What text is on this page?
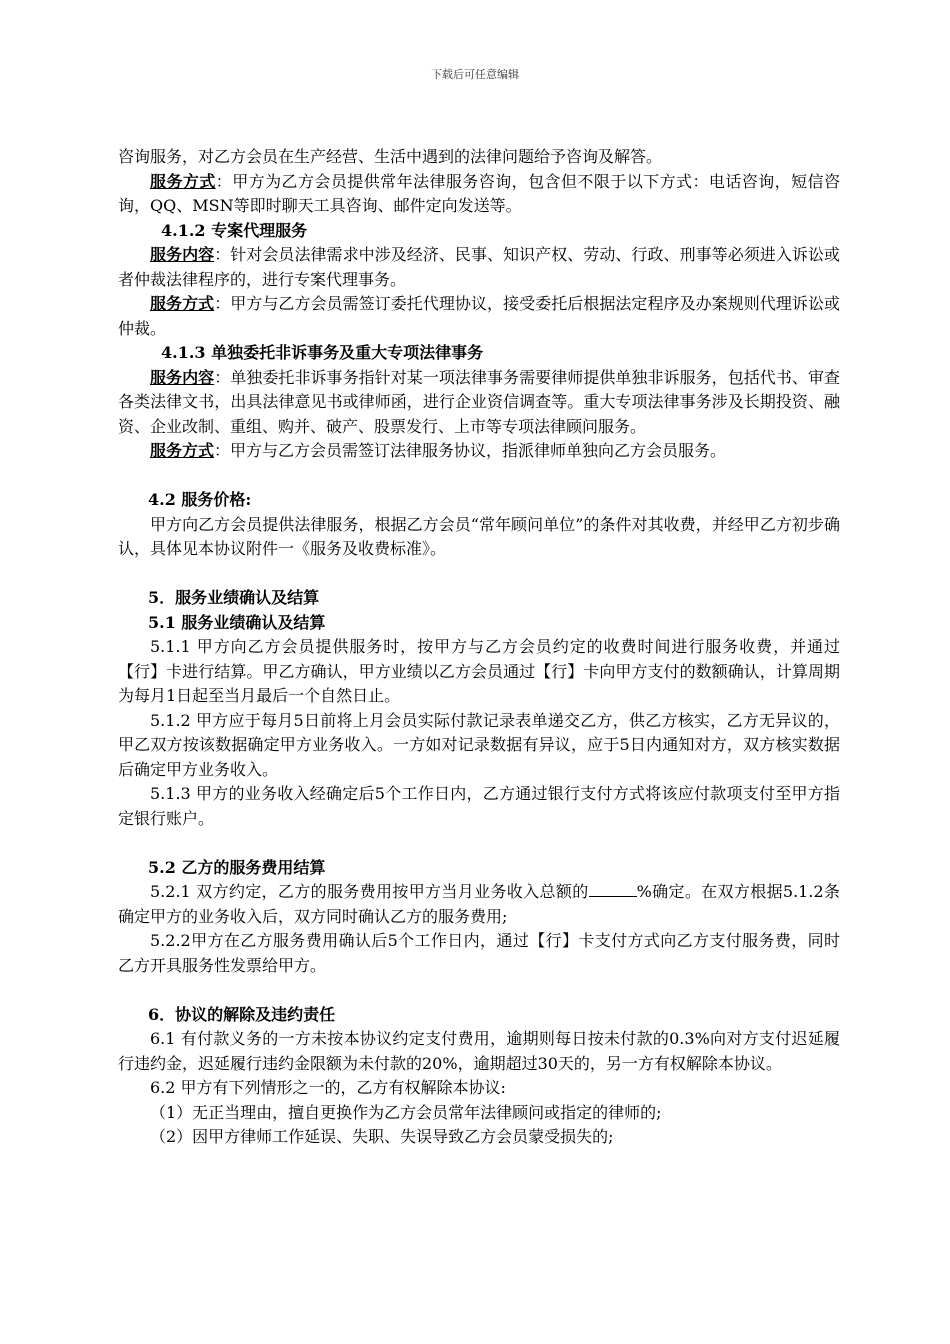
下载后可任意编辑

咨询服务，对乙方会员在生产经营、生活中遇到的法律问题给予咨询及解答。

服务方式：甲方为乙方会员提供常年法律服务咨询，包含但不限于以下方式：电话咨询，短信咨询，QQ、MSN等即时聊天工具咨询、邮件定向发送等。

4.1.2 专案代理服务

服务内容：针对会员法律需求中涉及经济、民事、知识产权、劳动、行政、刑事等必须进入诉讼或者仲裁法律程序的，进行专案代理事务。

服务方式：甲方与乙方会员需签订委托代理协议，接受委托后根据法定程序及办案规则代理诉讼或仲裁。

4.1.3 单独委托非诉事务及重大专项法律事务

服务内容：单独委托非诉事务指针对某一项法律事务需要律师提供单独非诉服务，包括代书、审查各类法律文书，出具法律意见书或律师函，进行企业资信调查等。重大专项法律事务涉及长期投资、融资、企业改制、重组、购并、破产、股票发行、上市等专项法律顾问服务。

服务方式：甲方与乙方会员需签订法律服务协议，指派律师单独向乙方会员服务。

4.2 服务价格:

甲方向乙方会员提供法律服务，根据乙方会员“常年顾问单位”的条件对其收费，并经甲乙方初步确认，具体见本协议附件一《服务及收费标准》。

5．服务业绩确认及结算

5.1 服务业绩确认及结算

5.1.1 甲方向乙方会员提供服务时，按甲方与乙方会员约定的收费时间进行服务收费，并通过【行】卡进行结算。甲乙方确认，甲方业绩以乙方会员通过【行】卡向甲方支付的数额确认，计算周期为每月1日起至当月最后一个自然日止。

5.1.2 甲方应于每月5日前将上月会员实际付款记录表单递交乙方，供乙方核实，乙方无异议的，甲乙双方按该数据确定甲方业务收入。一方如对记录数据有异议，应于5日内通知对方，双方核实数据后确定甲方业务收入。

5.1.3 甲方的业务收入经确定后5个工作日内，乙方通过银行支付方式将该应付款项支付至甲方指定银行账户。

5.2 乙方的服务费用结算

5.2.1 双方约定，乙方的服务费用按甲方当月业务收入总额的	%确定。在双方根据5.1.2条确定甲方的业务收入后，双方同时确认乙方的服务费用;

5.2.2甲方在乙方服务费用确认后5个工作日内，通过【行】卡支付方式向乙方支付服务费，同时乙方开具服务性发票给甲方。

6．协议的解除及违约责任

6.1 有付款义务的一方未按本协议约定支付费用，逾期则每日按未付款的0.3%向对方支付迟延履行违约金，迟延履行违约金限额为未付款的20%，逾期超过30天的，另一方有权解除本协议。

6.2 甲方有下列情形之一的，乙方有权解除本协议:

（1）无正当理由，擅自更换作为乙方会员常年法律顾问或指定的律师的;

（2）因甲方律师工作延误、失职、失误导致乙方会员蒙受损失的;
